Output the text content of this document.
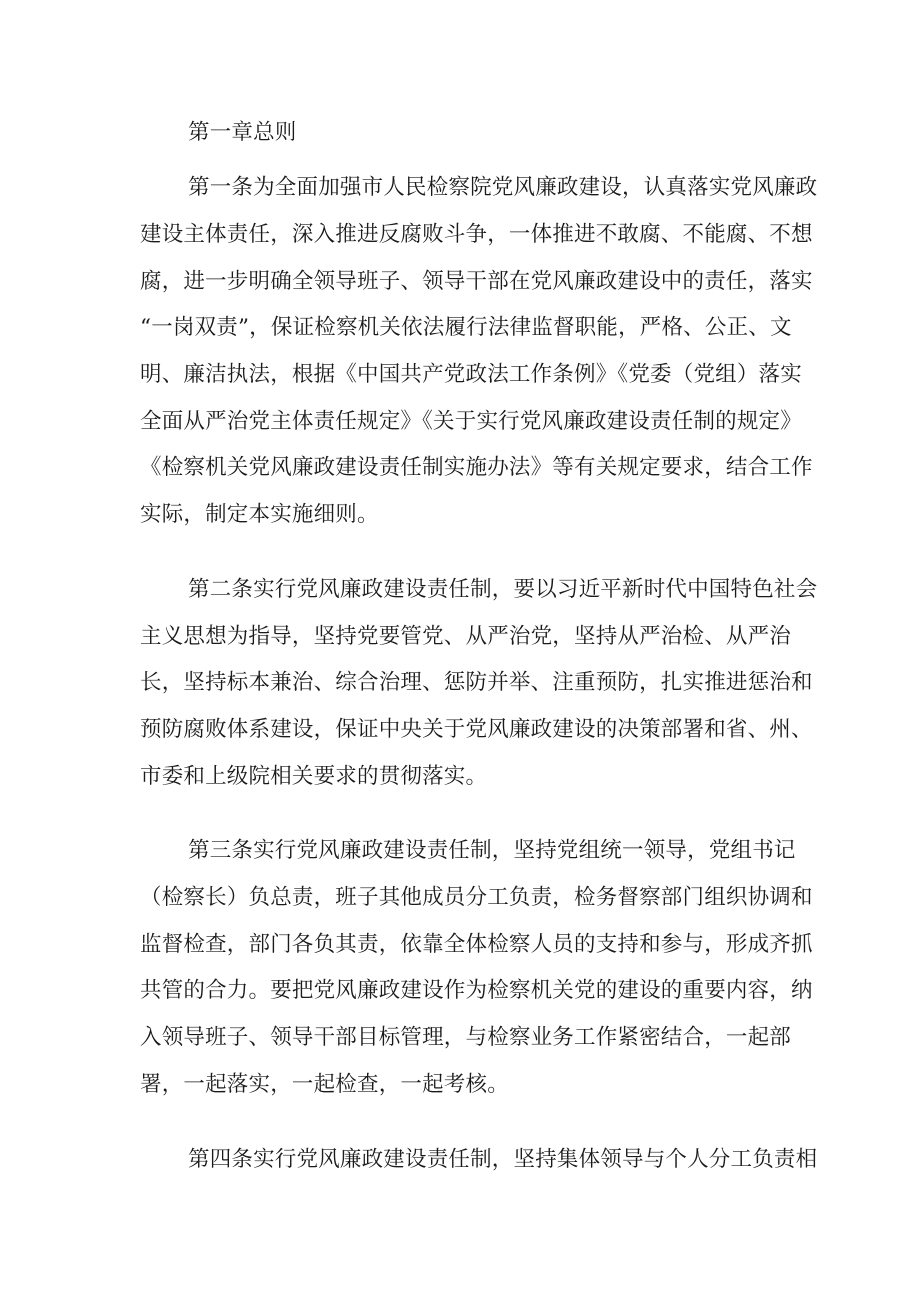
第一章总则

第一条为全面加强市人民检察院党风廉政建设，认真落实党风廉政

建设主体责任，深入推进反腐败斗争，一体推进不敢腐、不能腐、不想

腐，进一步明确全领导班子、领导干部在党风廉政建设中的责任，落实

“一岗双责”，保证检察机关依法履行法律监督职能，严格、公正、文

明、廉洁执法，根据《中国共产党政法工作条例》《党委（党组）落实

全面从严治党主体责任规定》《关于实行党风廉政建设责任制的规定》

《检察机关党风廉政建设责任制实施办法》等有关规定要求，结合工作

实际，制定本实施细则。

第二条实行党风廉政建设责任制，要以习近平新时代中国特色社会

主义思想为指导，坚持党要管党、从严治党，坚持从严治检、从严治

长，坚持标本兼治、综合治理、惩防并举、注重预防，扎实推进惩治和

预防腐败体系建设，保证中央关于党风廉政建设的决策部署和省、州、

市委和上级院相关要求的贯彻落实。

第三条实行党风廉政建设责任制，坚持党组统一领导，党组书记

（检察长）负总责，班子其他成员分工负责，检务督察部门组织协调和

监督检查，部门各负其责，依靠全体检察人员的支持和参与，形成齐抓

共管的合力。要把党风廉政建设作为检察机关党的建设的重要内容，纳

入领导班子、领导干部目标管理，与检察业务工作紧密结合，一起部

署，一起落实，一起检查，一起考核。

第四条实行党风廉政建设责任制，坚持集体领导与个人分工负责相
